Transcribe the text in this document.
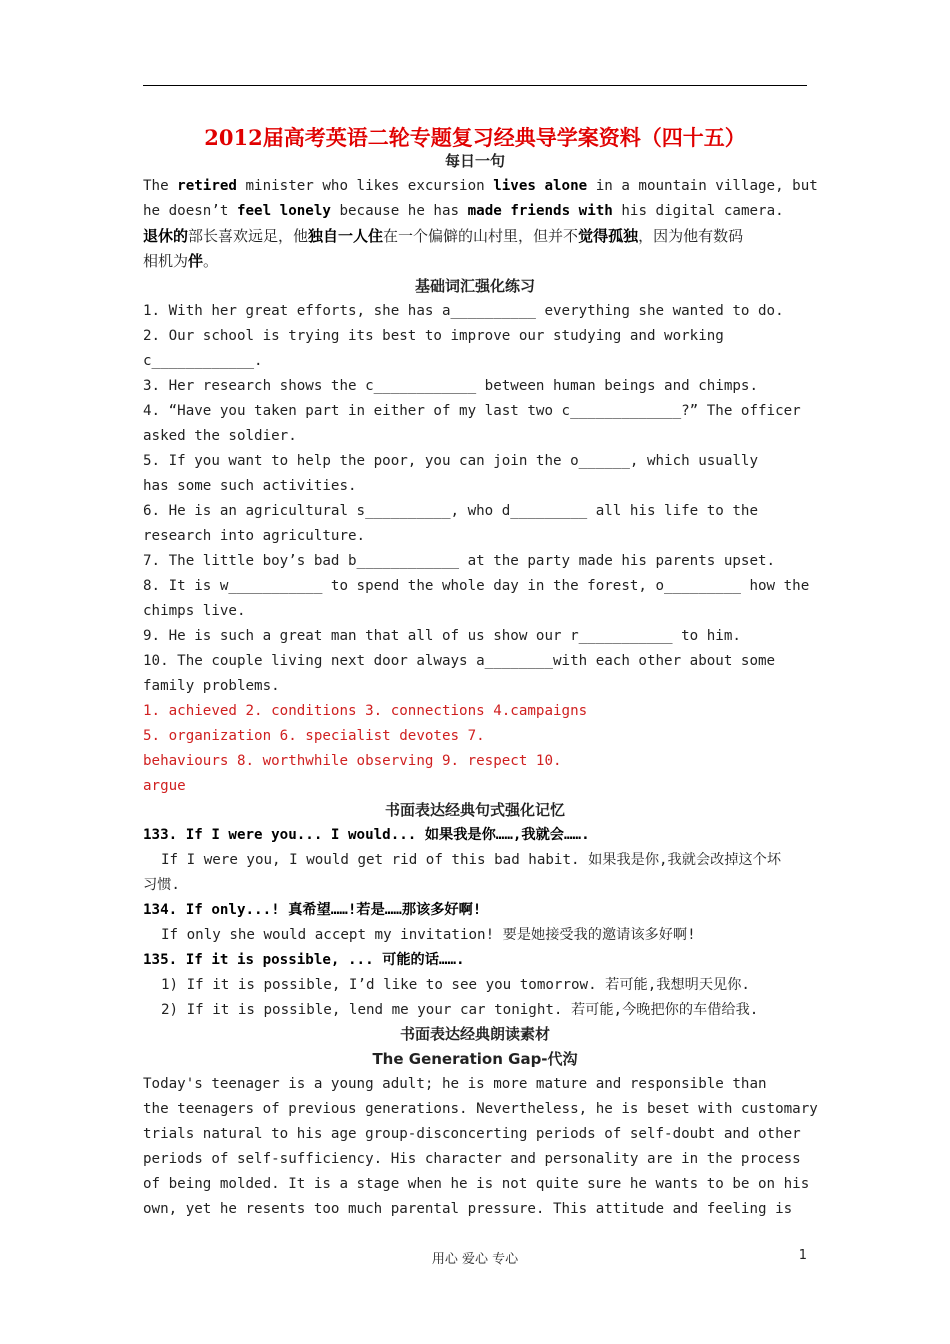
2012届高考英语二轮专题复习经典导学案资料（四十五）
每日一句
The retired minister who likes excursion lives alone in a mountain village, but
he doesn’t feel lonely because he has made friends with his digital camera.
退休的部长喜欢远足，他独自一人住在一个偏僻的山村里，但并不觉得孤独，因为他有数码
相机为伴。
基础词汇强化练习
1. With her great efforts, she has a__________ everything she wanted to do.
2. Our school is trying its best to improve our studying and working
c____________.
3. Her research shows the c____________ between human beings and chimps.
4. “Have you taken part in either of my last two c_____________?” The officer
asked the soldier.
5. If you want to help the poor, you can join the o______, which usually
has some such activities.
6. He is an agricultural s__________, who d_________ all his life to the
research into agriculture.
7. The little boy’s bad b____________ at the party made his parents upset.
8. It is w___________ to spend the whole day in the forest, o_________ how the
chimps live.
9. He is such a great man that all of us show our r___________ to him.
10. The couple living next door always a________with each other about some
family problems.
1. achieved 2. conditions 3. connections 4.campaigns
5. organization 6. specialist devotes 7.
behaviours 8. worthwhile observing 9. respect 10.
argue
书面表达经典句式强化记忆
133. If I were you... I would... 如果我是你……,我就会…….
If I were you, I would get rid of this bad habit. 如果我是你,我就会改掉这个坏
习惯.
134. If only...! 真希望……!若是……那该多好啊!
If only she would accept my invitation! 要是她接受我的邀请该多好啊!
135. If it is possible, ... 可能的话…….
1) If it is possible, I’d like to see you tomorrow. 若可能,我想明天见你.
2) If it is possible, lend me your car tonight. 若可能,今晚把你的车借给我.
书面表达经典朗读素材
The Generation Gap-代沟
Today's teenager is a young adult; he is more mature and responsible than
the teenagers of previous generations. Nevertheless, he is beset with customary
trials natural to his age group-disconcerting periods of self-doubt and other
periods of self-sufficiency. His character and personality are in the process
of being molded. It is a stage when he is not quite sure he wants to be on his
own, yet he resents too much parental pressure. This attitude and feeling is
用心 爱心 专心	1
